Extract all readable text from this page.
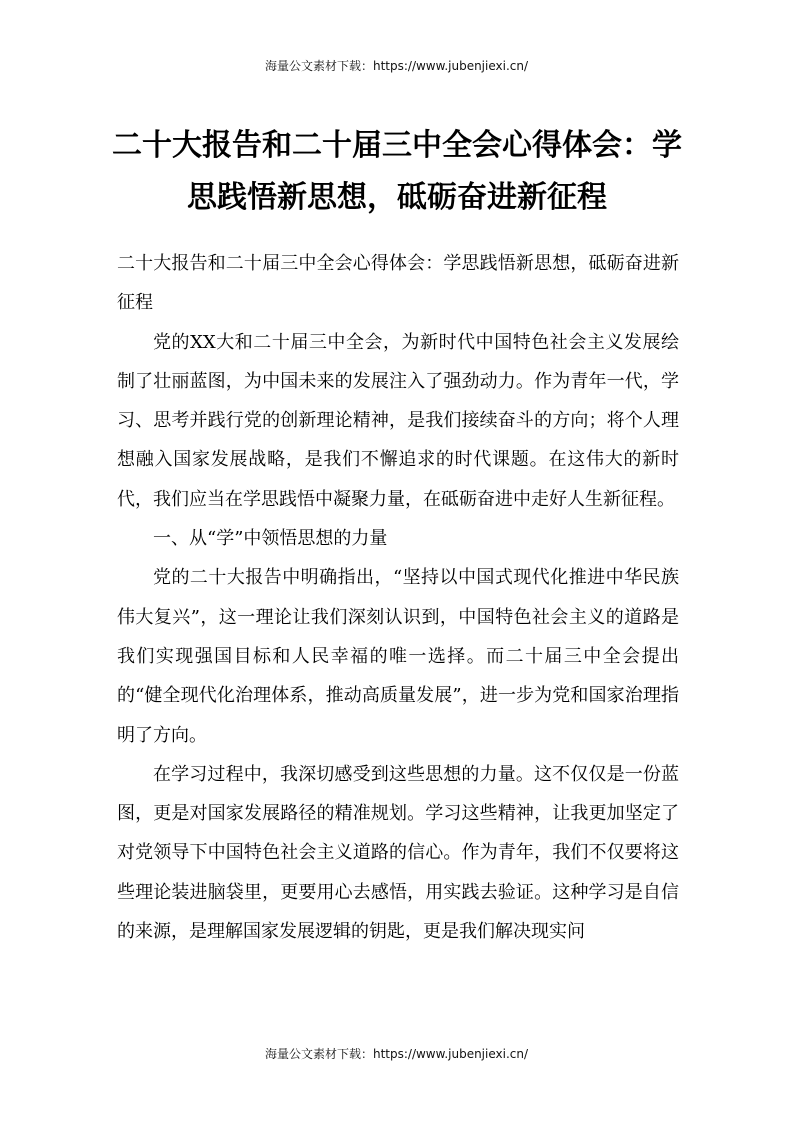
海量公文素材下载：https://www.jubenjiexi.cn/
二十大报告和二十届三中全会心得体会：学思践悟新思想，砥砺奋进新征程

二十大报告和二十届三中全会心得体会：学思践悟新思想，砥砺奋进新征程

党的XX大和二十届三中全会，为新时代中国特色社会主义发展绘制了壮丽蓝图，为中国未来的发展注入了强劲动力。作为青年一代，学习、思考并践行党的创新理论精神，是我们接续奋斗的方向；将个人理想融入国家发展战略，是我们不懈追求的时代课题。在这伟大的新时代，我们应当在学思践悟中凝聚力量，在砥砺奋进中走好人生新征程。

一、从“学”中领悟思想的力量

党的二十大报告中明确指出，“坚持以中国式现代化推进中华民族伟大复兴”，这一理论让我们深刻认识到，中国特色社会主义的道路是我们实现强国目标和人民幸福的唯一选择。而二十届三中全会提出的“健全现代化治理体系，推动高质量发展”，进一步为党和国家治理指明了方向。

在学习过程中，我深切感受到这些思想的力量。这不仅仅是一份蓝图，更是对国家发展路径的精准规划。学习这些精神，让我更加坚定了对党领导下中国特色社会主义道路的信心。作为青年，我们不仅要将这些理论装进脑袋里，更要用心去感悟，用实践去验证。这种学习是自信的来源，是理解国家发展逻辑的钥匙，更是我们解决现实问

海量公文素材下载：https://www.jubenjiexi.cn/
